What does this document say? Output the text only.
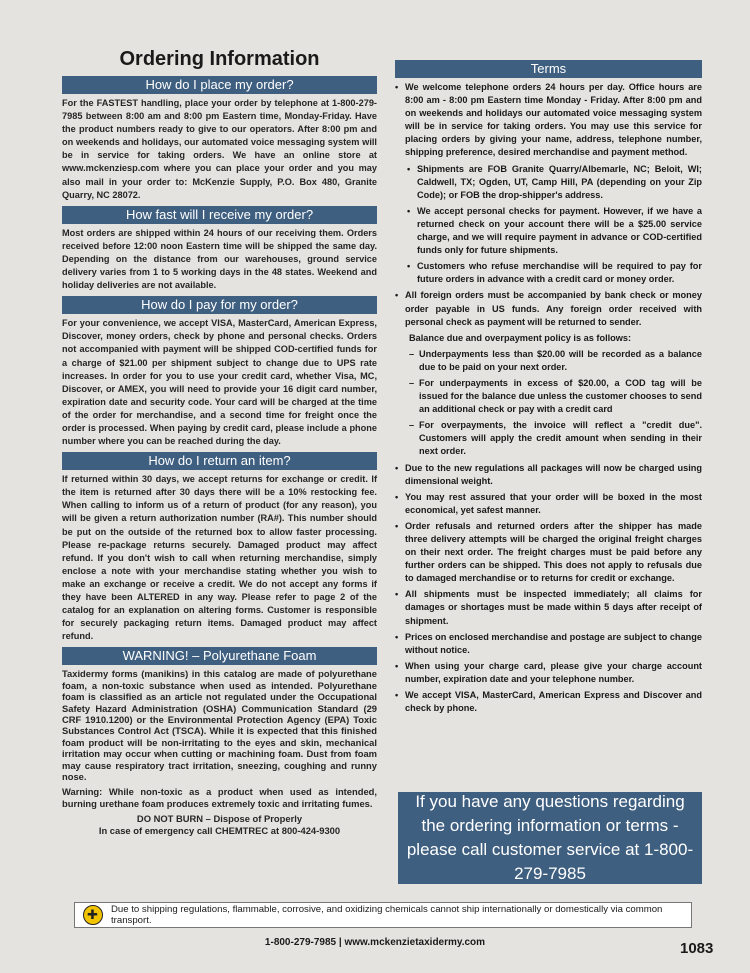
Ordering Information
How do I place my order?

For the FASTEST handling, place your order by telephone at 1-800-279-7985 between 8:00 am and 8:00 pm Eastern time, Monday-Friday. Have the product numbers ready to give to our operators. After 8:00 pm and on weekends and holidays, our automated voice messaging system will be in service for taking orders. We have an online store at www.mckenziesp.com where you can place your order and you may also mail in your order to: McKenzie Supply, P.O. Box 480, Granite Quarry, NC 28072.

How fast will I receive my order?

Most orders are shipped within 24 hours of our receiving them. Orders received before 12:00 noon Eastern time will be shipped the same day. Depending on the distance from our warehouses, ground service delivery varies from 1 to 5 working days in the 48 states. Weekend and holiday deliveries are not available.

How do I pay for my order?

For your convenience, we accept VISA, MasterCard, American Express, Discover, money orders, check by phone and personal checks. Orders not accompanied with payment will be shipped COD-certified funds for a charge of $21.00 per shipment subject to change due to UPS rate increases. In order for you to use your credit card, whether Visa, MC, Discover, or AMEX, you will need to provide your 16 digit card number, expiration date and security code. Your card will be charged at the time of the order for merchandise, and a second time for freight once the order is processed. When paying by credit card, please include a phone number where you can be reached during the day.

How do I return an item?

If returned within 30 days, we accept returns for exchange or credit. If the item is returned after 30 days there will be a 10% restocking fee. When calling to inform us of a return of product (for any reason), you will be given a return authorization number (RA#). This number should be put on the outside of the returned box to allow faster processing. Please re-package returns securely. Damaged product may affect refund. If you don't wish to call when returning merchandise, simply enclose a note with your merchandise stating whether you wish to make an exchange or receive a credit. We do not accept any forms if they have been ALTERED in any way. Please refer to page 2 of the catalog for an explanation on altering forms. Customer is responsible for securely packaging return items. Damaged product may affect refund.

WARNING! – Polyurethane Foam

Taxidermy forms (manikins) in this catalog are made of polyurethane foam, a non-toxic substance when used as intended. Polyurethane foam is classified as an article not regulated under the Occupational Safety Hazard Administration (OSHA) Communication Standard (29 CRF 1910.1200) or the Environmental Protection Agency (EPA) Toxic Substances Control Act (TSCA). While it is expected that this finished foam product will be non-irritating to the eyes and skin, mechanical irritation may occur when cutting or machining foam. Dust from foam may cause respiratory tract irritation, sneezing, coughing and runny nose.

Warning: While non-toxic as a product when used as intended, burning urethane foam produces extremely toxic and irritating fumes.

DO NOT BURN – Dispose of Properly

In case of emergency call CHEMTREC at 800-424-9300

Terms
• We welcome telephone orders 24 hours per day. Office hours are 8:00 am - 8:00 pm Eastern time Monday - Friday. After 8:00 pm and on weekends and holidays our automated voice messaging system will be in service for taking orders. You may use this service for placing orders by giving your name, address, telephone number, shipping preference, desired merchandise and payment method.
• Shipments are FOB Granite Quarry/Albemarle, NC; Beloit, WI; Caldwell, TX; Ogden, UT, Camp Hill, PA (depending on your Zip Code); or FOB the drop-shipper's address.
• We accept personal checks for payment. However, if we have a returned check on your account there will be a $25.00 service charge, and we will require payment in advance or COD-certified funds only for future shipments.
• Customers who refuse merchandise will be required to pay for future orders in advance with a credit card or money order.
• All foreign orders must be accompanied by bank check or money order payable in US funds. Any foreign order received with personal check as payment will be returned to sender.
Balance due and overpayment policy is as follows:
– Underpayments less than $20.00 will be recorded as a balance due to be paid on your next order.
– For underpayments in excess of $20.00, a COD tag will be issued for the balance due unless the customer chooses to send an additional check or pay with a credit card
– For overpayments, the invoice will reflect a "credit due". Customers will apply the credit amount when sending in their next order.
• Due to the new regulations all packages will now be charged using dimensional weight.
• You may rest assured that your order will be boxed in the most economical, yet safest manner.
• Order refusals and returned orders after the shipper has made three delivery attempts will be charged the original freight charges on their next order. The freight charges must be paid before any further orders can be shipped. This does not apply to refusals due to damaged merchandise or to returns for credit or exchange.
• All shipments must be inspected immediately; all claims for damages or shortages must be made within 5 days after receipt of shipment.
• Prices on enclosed merchandise and postage are subject to change without notice.
• When using your charge card, please give your charge account number, expiration date and your telephone number.
• We accept VISA, MasterCard, American Express and Discover and check by phone.
If you have any questions regarding the ordering information or terms - please call customer service at 1-800-279-7985
✚
Due to shipping regulations, flammable, corrosive, and oxidizing chemicals cannot ship internationally or domestically via common transport.
1-800-279-7985 | www.mckenzietaxidermy.com	1083
